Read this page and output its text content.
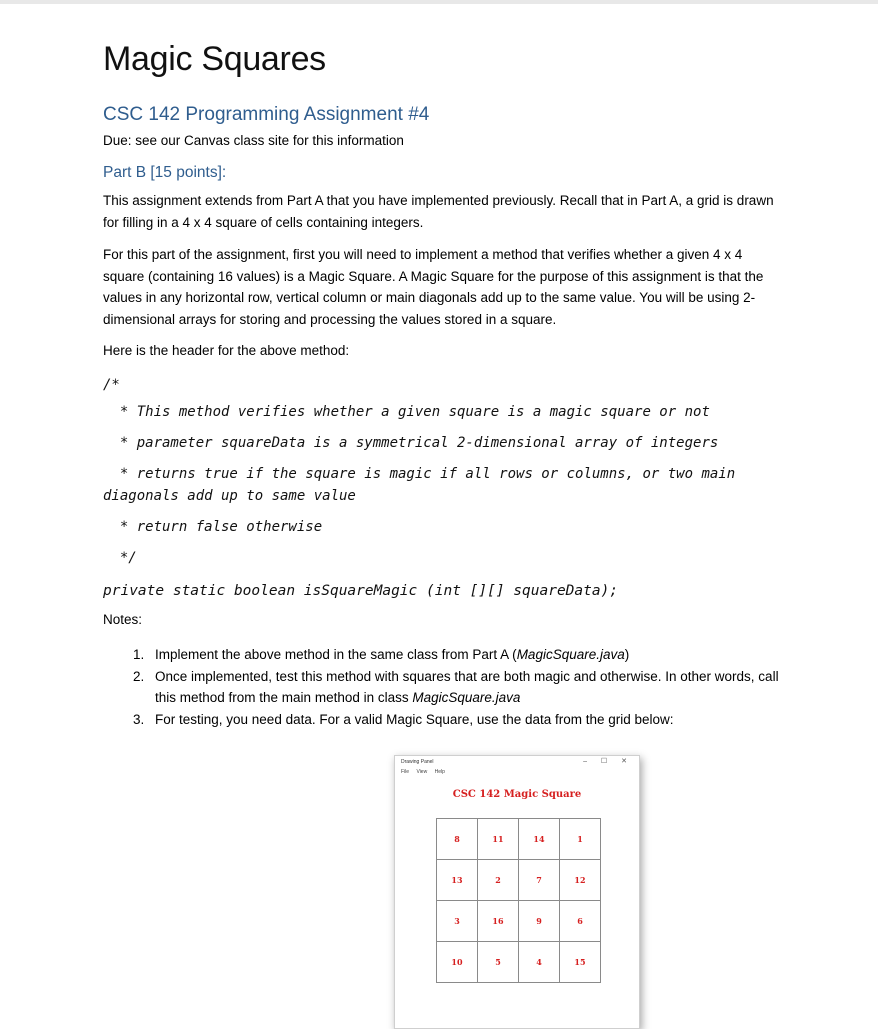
Magic Squares
CSC 142 Programming Assignment #4
Due: see our Canvas class site for this information
Part B [15 points]:
This assignment extends from Part A that you have implemented previously. Recall that in Part A, a grid is drawn for filling in a 4 x 4 square of cells containing integers.
For this part of the assignment, first you will need to implement a method that verifies whether a given 4 x 4 square (containing 16 values) is a Magic Square. A Magic Square for the purpose of this assignment is that the values in any horizontal row, vertical column or main diagonals add up to the same value. You will be using 2-dimensional arrays for storing and processing the values stored in a square.
Here is the header for the above method:
/*
* This method verifies whether a given square is a magic square or not
* parameter squareData is a symmetrical 2-dimensional array of integers
* returns true if the square is magic if all rows or columns, or two main diagonals add up to same value
* return false otherwise
*/
private static boolean isSquareMagic (int [][] squareData);
Notes:
1. Implement the above method in the same class from Part A (MagicSquare.java)
2. Once implemented, test this method with squares that are both magic and otherwise. In other words, call this method from the main method in class MagicSquare.java
3. For testing, you need data. For a valid Magic Square, use the data from the grid below:
Drawing Panel	– ☐ ✕
File View Help
CSC 142 Magic Square
8	11	14	1
13	2	7	12
3	16	9	6
10	5	4	15
